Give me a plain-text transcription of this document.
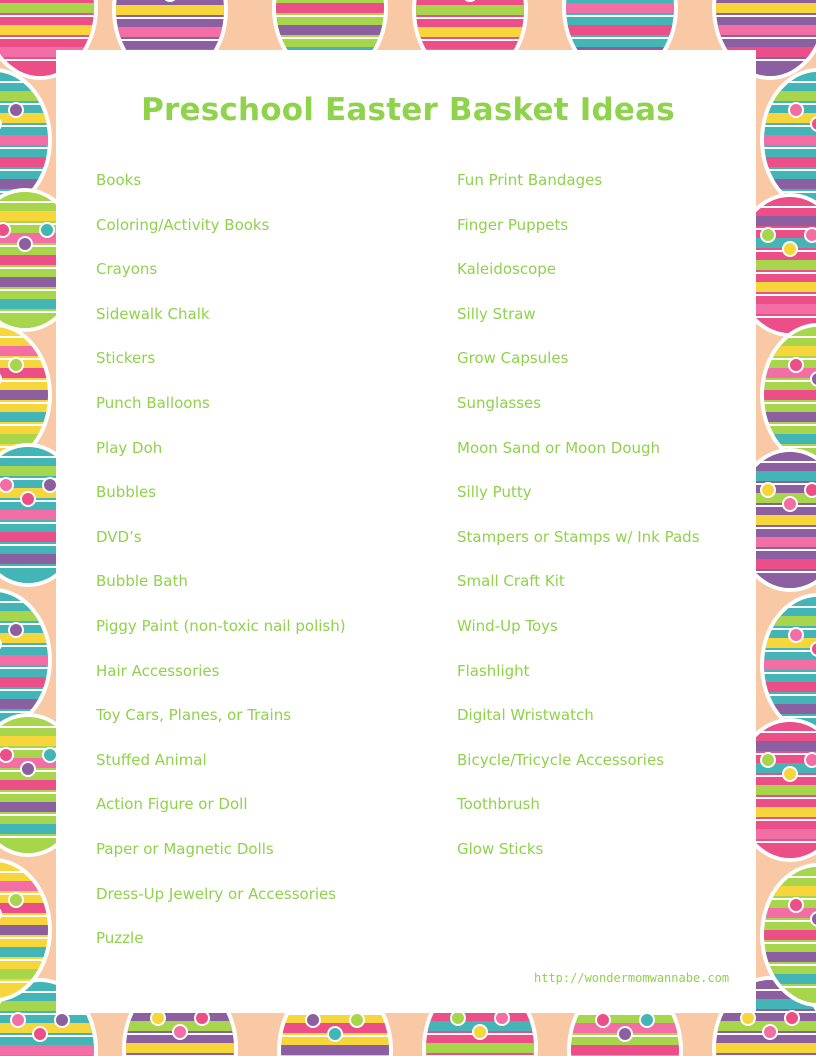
Preschool Easter Basket Ideas
Books
Coloring/Activity Books
Crayons
Sidewalk Chalk
Stickers
Punch Balloons
Play Doh
Bubbles
DVD’s
Bubble Bath
Piggy Paint (non-toxic nail polish)
Hair Accessories
Toy Cars, Planes, or Trains
Stuffed Animal
Action Figure or Doll
Paper or Magnetic Dolls
Dress-Up Jewelry or Accessories
Puzzle
Fun Print Bandages
Finger Puppets
Kaleidoscope
Silly Straw
Grow Capsules
Sunglasses
Moon Sand or Moon Dough
Silly Putty
Stampers or Stamps w/ Ink Pads
Small Craft Kit
Wind-Up Toys
Flashlight
Digital Wristwatch
Bicycle/Tricycle Accessories
Toothbrush
Glow Sticks
http://wondermomwannabe.com
